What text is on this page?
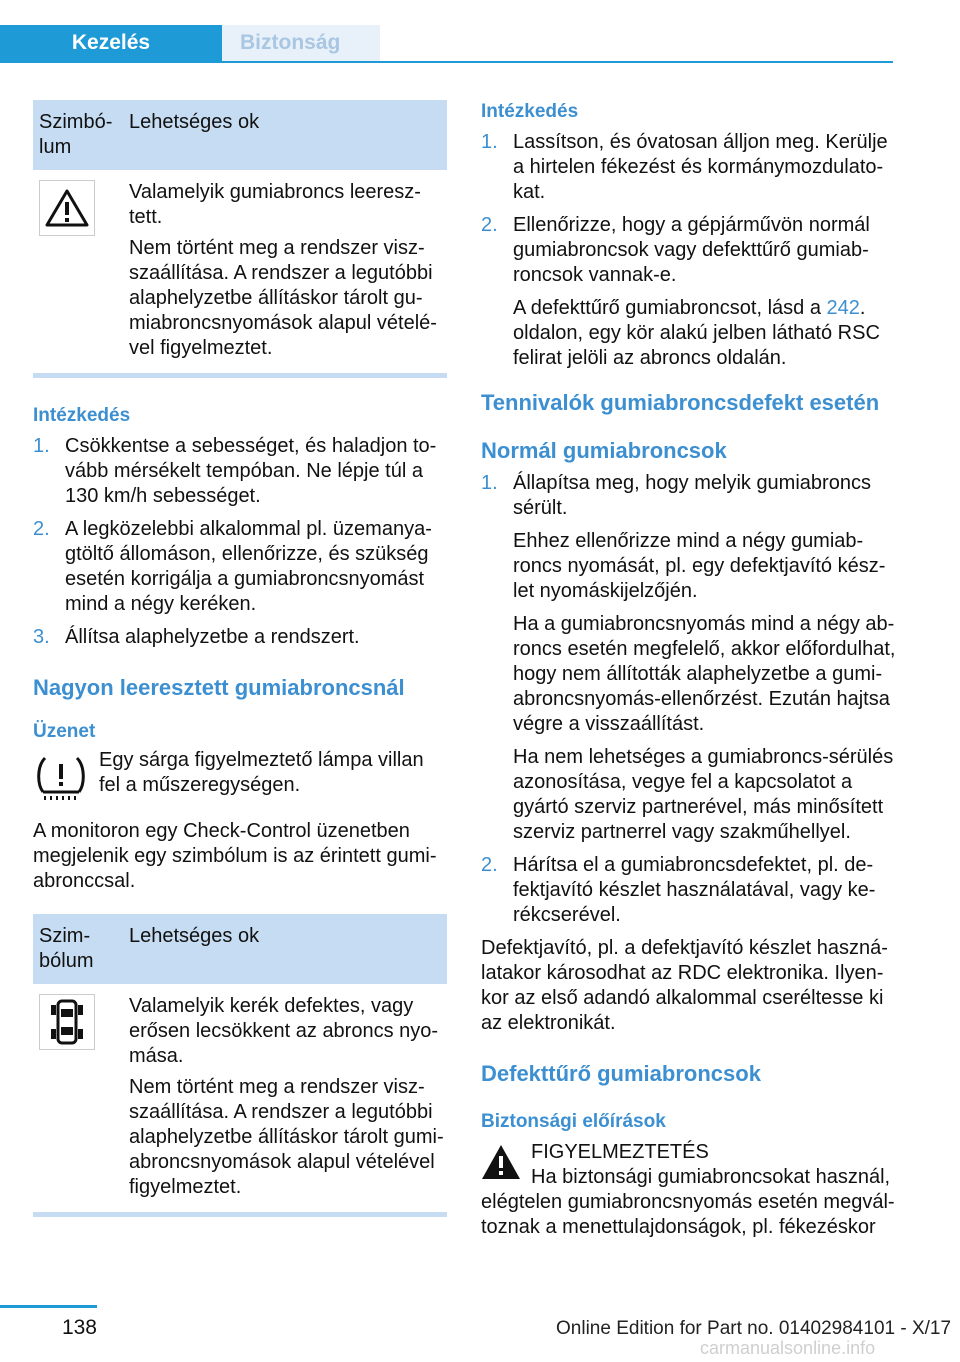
Kezelés	Biztonság
Szimbó-lum	Lehetséges ok

Valamelyik gumiabroncs leeresz-tett.

Nem történt meg a rendszer visz-szaállítása. A rendszer a legutóbbi alaphelyzetbe állításkor tárolt gu-miabroncsnyomások alapul vételé-vel figyelmeztet.

Intézkedés
1. Csökkentse a sebességet, és haladjon to-vább mérsékelt tempóban. Ne lépje túl a 130 km/h sebességet.

2. A legközelebbi alkalommal pl. üzemanya-gtöltő állomáson, ellenőrizze, és szükség esetén korrigálja a gumiabroncsnyomást mind a négy keréken.

3. Állítsa alaphelyzetbe a rendszert.

Nagyon leeresztett gumiabroncsnál
Üzenet

Egy sárga figyelmeztető lámpa villan fel a műszeregységen.

A monitoron egy Check-Control üzenetben megjelenik egy szimbólum is az érintett gumi-abronccsal.

Szim-bólum	Lehetséges ok

Valamelyik kerék defektes, vagy erősen lecsökkent az abroncs nyo-mása.

Nem történt meg a rendszer visz-szaállítása. A rendszer a legutóbbi alaphelyzetbe állításkor tárolt gumi-abroncsnyomások alapul vételével figyelmeztet.

Intézkedés
1. Lassítson, és óvatosan álljon meg. Kerülje a hirtelen fékezést és kormánymozdulato-kat.

2. Ellenőrizze, hogy a gépjárművön normál gumiabroncsok vagy defekttűrő gumiab-roncsok vannak-e.

A defekttűrő gumiabroncsot, lásd a 242. oldalon, egy kör alakú jelben látható RSC felirat jelöli az abroncs oldalán.

Tennivalók gumiabroncsdefekt esetén
Normál gumiabroncsok
1. Állapítsa meg, hogy melyik gumiabroncs sérült.

Ehhez ellenőrizze mind a négy gumiab-roncs nyomását, pl. egy defektjavító kész-let nyomáskijelzőjén.

Ha a gumiabroncsnyomás mind a négy ab-roncs esetén megfelelő, akkor előfordulhat, hogy nem állították alaphelyzetbe a gumi-abroncsnyomás-ellenőrzést. Ezután hajtsa végre a visszaállítást.

Ha nem lehetséges a gumiabroncs-sérülés azonosítása, vegye fel a kapcsolatot a gyártó szerviz partnerével, más minősített szerviz partnerrel vagy szakműhellyel.

2. Hárítsa el a gumiabroncsdefektet, pl. de-fektjavító készlet használatával, vagy ke-rékcserével.

Defektjavító, pl. a defektjavító készlet haszná-latakor károsodhat az RDC elektronika. Ilyen-kor az első adandó alkalommal cseréltesse ki az elektronikát.

Defekttűrő gumiabroncsok
Biztonsági előírások

FIGYELMEZTETÉS

Ha biztonsági gumiabroncsokat használ,

elégtelen gumiabroncsnyomás esetén megvál-toznak a menettulajdonságok, pl. fékezéskor

138	Online Edition for Part no. 01402984101 - X/17
carmanualsonline.info
